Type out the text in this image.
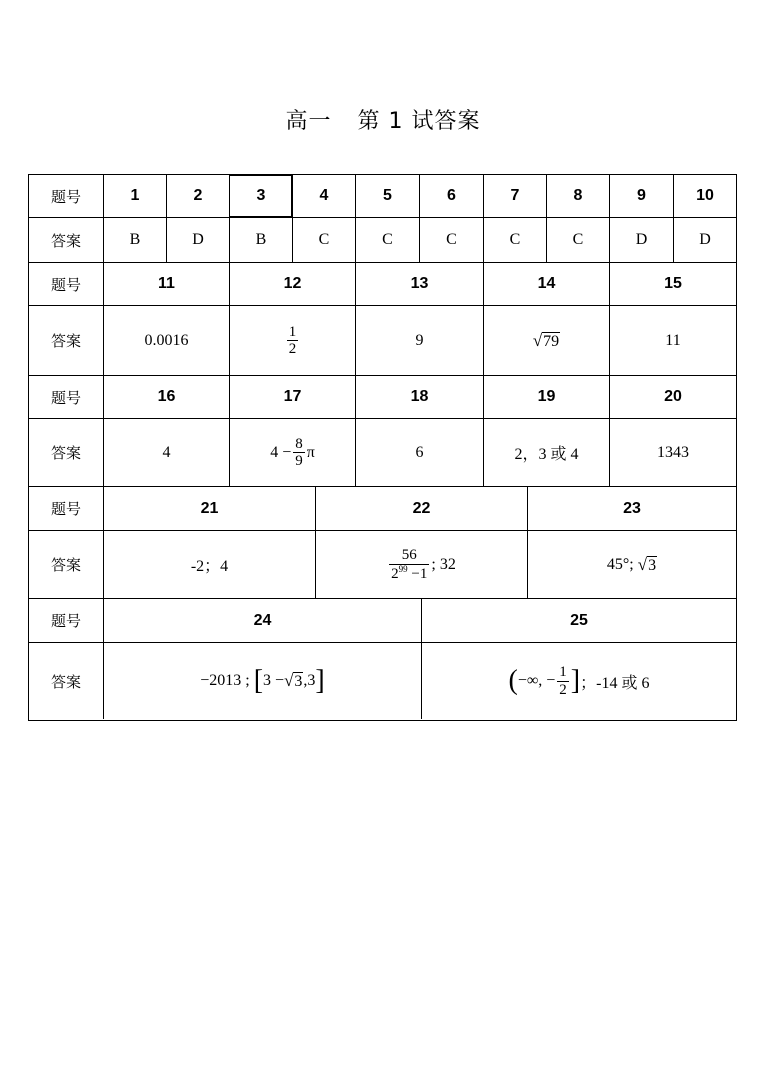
高一 第 1 试答案
题号	1	2	3	4	5	6	7	8	9	10
答案	B	D	B	C	C	C	C	C	D	D
题号	11	12	13	14	15
答案	0.0016	$\frac{1}{2}$	9	√ 79	11
题号	16	17	18	19	20
答案	4	$4 - \frac{8}{9}$ π	6	2，3 或 4	1343
题号	21	22	23
答案	-2；4	$\frac{56}{2^{99} -1}$ ; 32	45°; √ 3
题号	24	25
答案	−2013 ; [ 3 − √ 3 ,3 ]	( −∞, − $\frac{1}{2}$ ] ；-14 或 6
